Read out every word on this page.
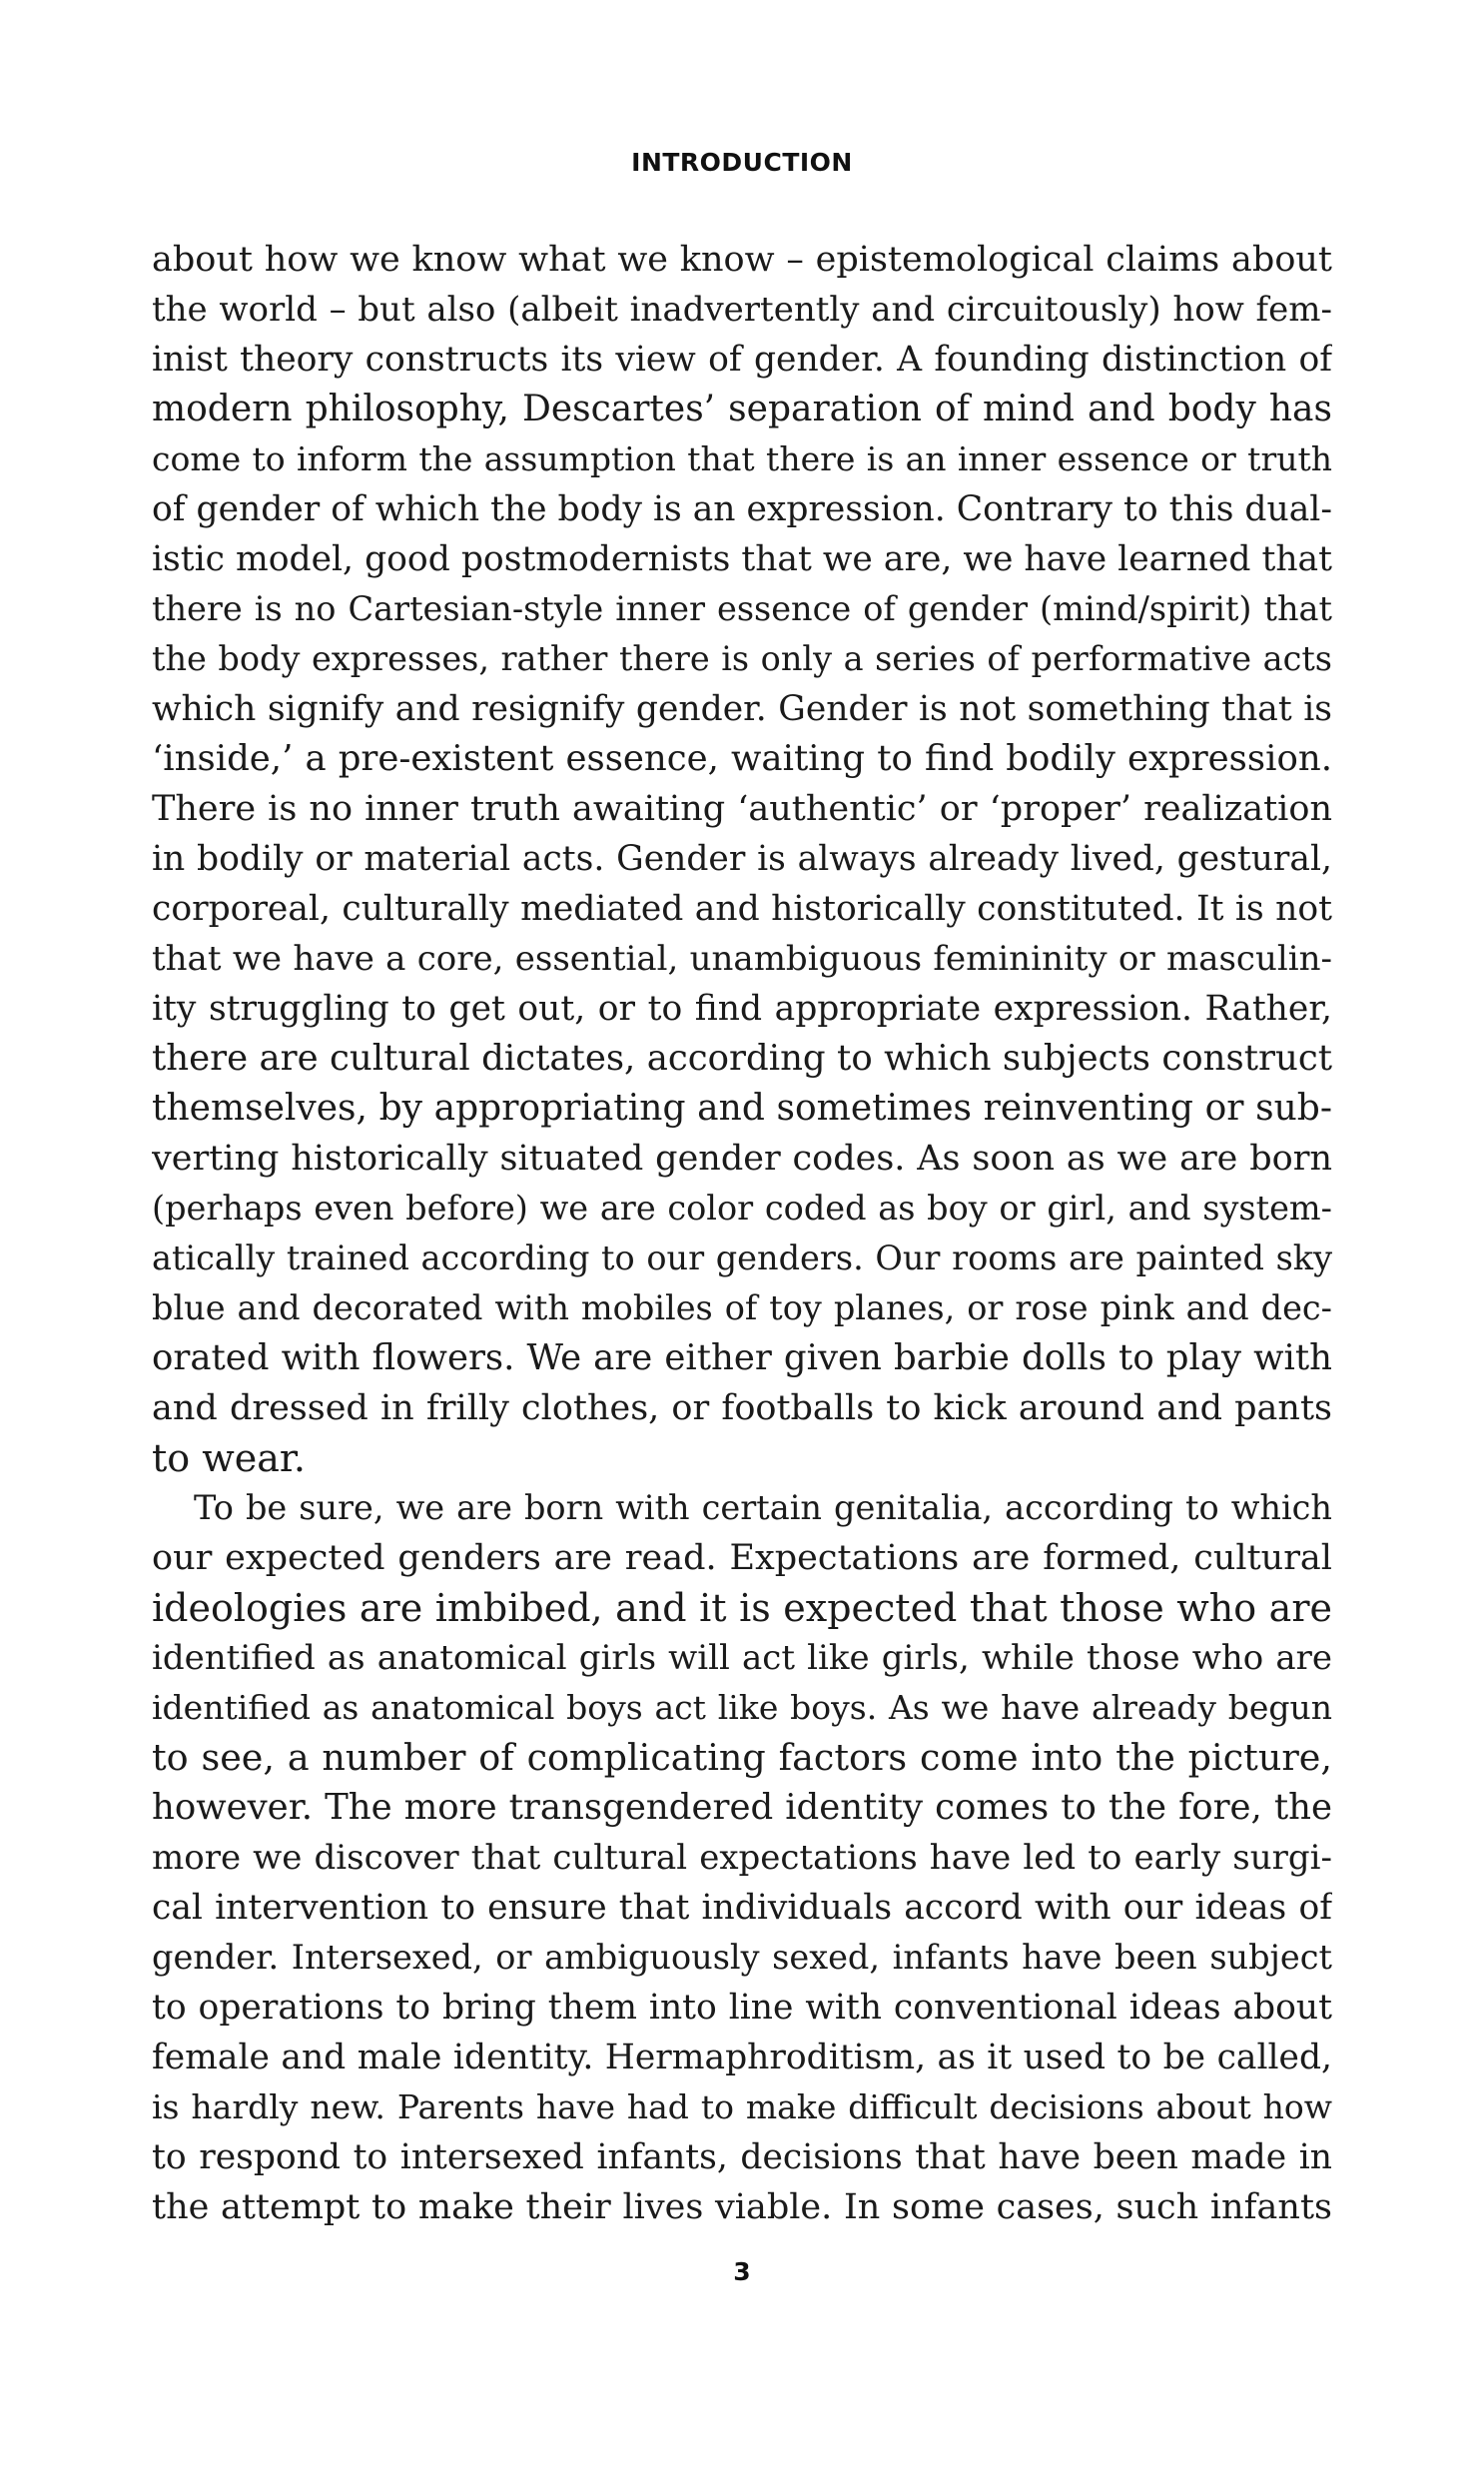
INTRODUCTION
about how we know what we know – epistemological claims about
the world – but also (albeit inadvertently and circuitously) how fem-
inist theory constructs its view of gender. A founding distinction of
modern philosophy, Descartes’ separation of mind and body has
come to inform the assumption that there is an inner essence or truth
of gender of which the body is an expression. Contrary to this dual-
istic model, good postmodernists that we are, we have learned that
there is no Cartesian-style inner essence of gender (mind/spirit) that
the body expresses, rather there is only a series of performative acts
which signify and resignify gender. Gender is not something that is
‘inside,’ a pre-existent essence, waiting to find bodily expression.
There is no inner truth awaiting ‘authentic’ or ‘proper’ realization
in bodily or material acts. Gender is always already lived, gestural,
corporeal, culturally mediated and historically constituted. It is not
that we have a core, essential, unambiguous femininity or masculin-
ity struggling to get out, or to find appropriate expression. Rather,
there are cultural dictates, according to which subjects construct
themselves, by appropriating and sometimes reinventing or sub-
verting historically situated gender codes. As soon as we are born
(perhaps even before) we are color coded as boy or girl, and system-
atically trained according to our genders. Our rooms are painted sky
blue and decorated with mobiles of toy planes, or rose pink and dec-
orated with flowers. We are either given barbie dolls to play with
and dressed in frilly clothes, or footballs to kick around and pants
to wear.
To be sure, we are born with certain genitalia, according to which
our expected genders are read. Expectations are formed, cultural
ideologies are imbibed, and it is expected that those who are
identified as anatomical girls will act like girls, while those who are
identified as anatomical boys act like boys. As we have already begun
to see, a number of complicating factors come into the picture,
however. The more transgendered identity comes to the fore, the
more we discover that cultural expectations have led to early surgi-
cal intervention to ensure that individuals accord with our ideas of
gender. Intersexed, or ambiguously sexed, infants have been subject
to operations to bring them into line with conventional ideas about
female and male identity. Hermaphroditism, as it used to be called,
is hardly new. Parents have had to make difficult decisions about how
to respond to intersexed infants, decisions that have been made in
the attempt to make their lives viable. In some cases, such infants
3
